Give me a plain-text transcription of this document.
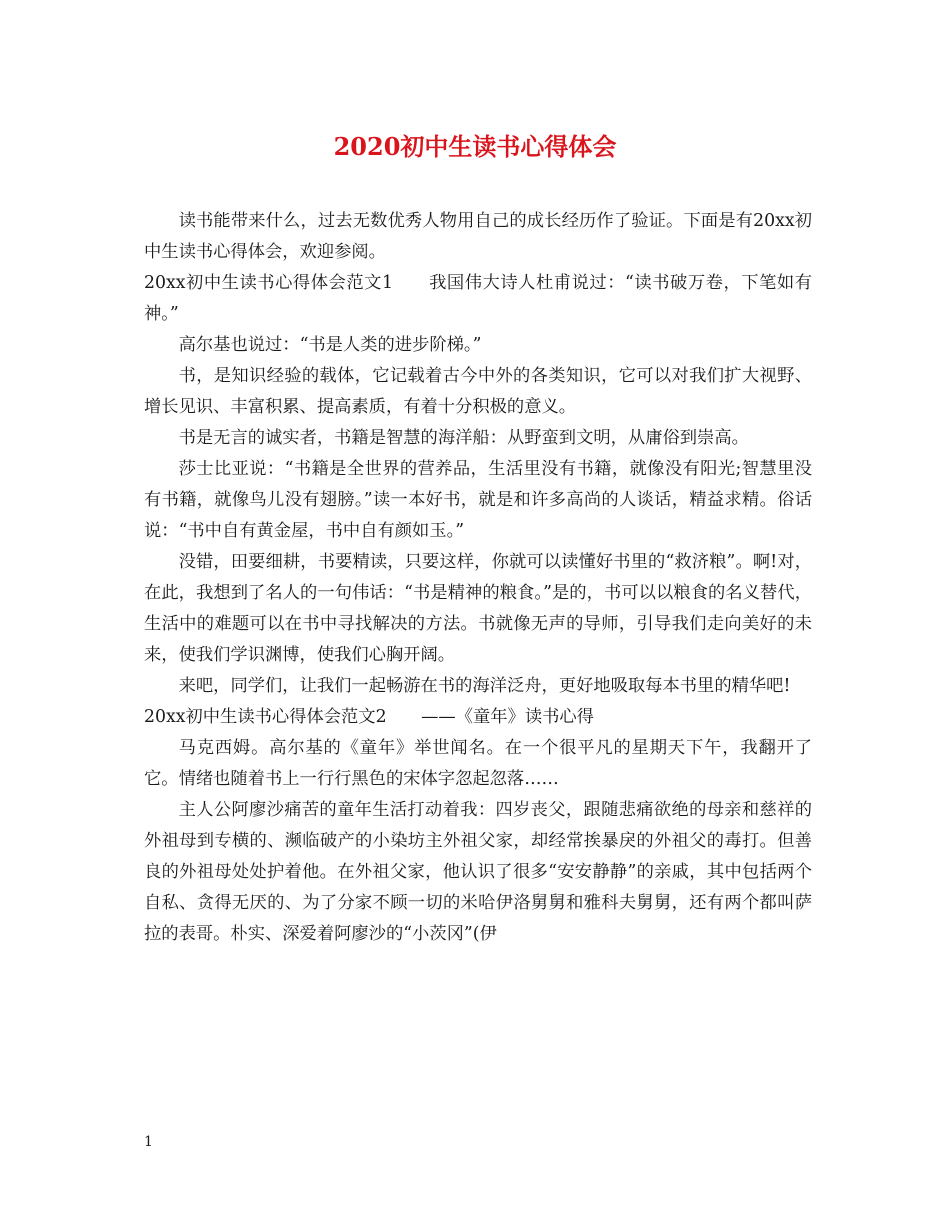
2020初中生读书心得体会

读书能带来什么，过去无数优秀人物用自己的成长经历作了验证。下面是有20xx初中生读书心得体会，欢迎参阅。

20xx初中生读书心得体会范文1　　我国伟大诗人杜甫说过：“读书破万卷，下笔如有神。”

高尔基也说过：“书是人类的进步阶梯。”

书，是知识经验的载体，它记载着古今中外的各类知识，它可以对我们扩大视野、增长见识、丰富积累、提高素质，有着十分积极的意义。

书是无言的诚实者，书籍是智慧的海洋船：从野蛮到文明，从庸俗到崇高。

莎士比亚说：“书籍是全世界的营养品，生活里没有书籍，就像没有阳光;智慧里没有书籍，就像鸟儿没有翅膀。”读一本好书，就是和许多高尚的人谈话，精益求精。俗话说：“书中自有黄金屋，书中自有颜如玉。”

没错，田要细耕，书要精读，只要这样，你就可以读懂好书里的“救济粮”。啊!对，在此，我想到了名人的一句伟话：“书是精神的粮食。”是的，书可以以粮食的名义替代，生活中的难题可以在书中寻找解决的方法。书就像无声的导师，引导我们走向美好的未来，使我们学识渊博，使我们心胸开阔。

来吧，同学们，让我们一起畅游在书的海洋泛舟，更好地吸取每本书里的精华吧!

20xx初中生读书心得体会范文2　　——《童年》读书心得

马克西姆。高尔基的《童年》举世闻名。在一个很平凡的星期天下午，我翻开了它。情绪也随着书上一行行黑色的宋体字忽起忽落……

主人公阿廖沙痛苦的童年生活打动着我：四岁丧父，跟随悲痛欲绝的母亲和慈祥的外祖母到专横的、濒临破产的小染坊主外祖父家，却经常挨暴戾的外祖父的毒打。但善良的外祖母处处护着他。在外祖父家，他认识了很多“安安静静”的亲戚，其中包括两个自私、贪得无厌的、为了分家不顾一切的米哈伊洛舅舅和雅科夫舅舅，还有两个都叫萨拉的表哥。朴实、深爱着阿廖沙的“小茨冈”(伊

1
